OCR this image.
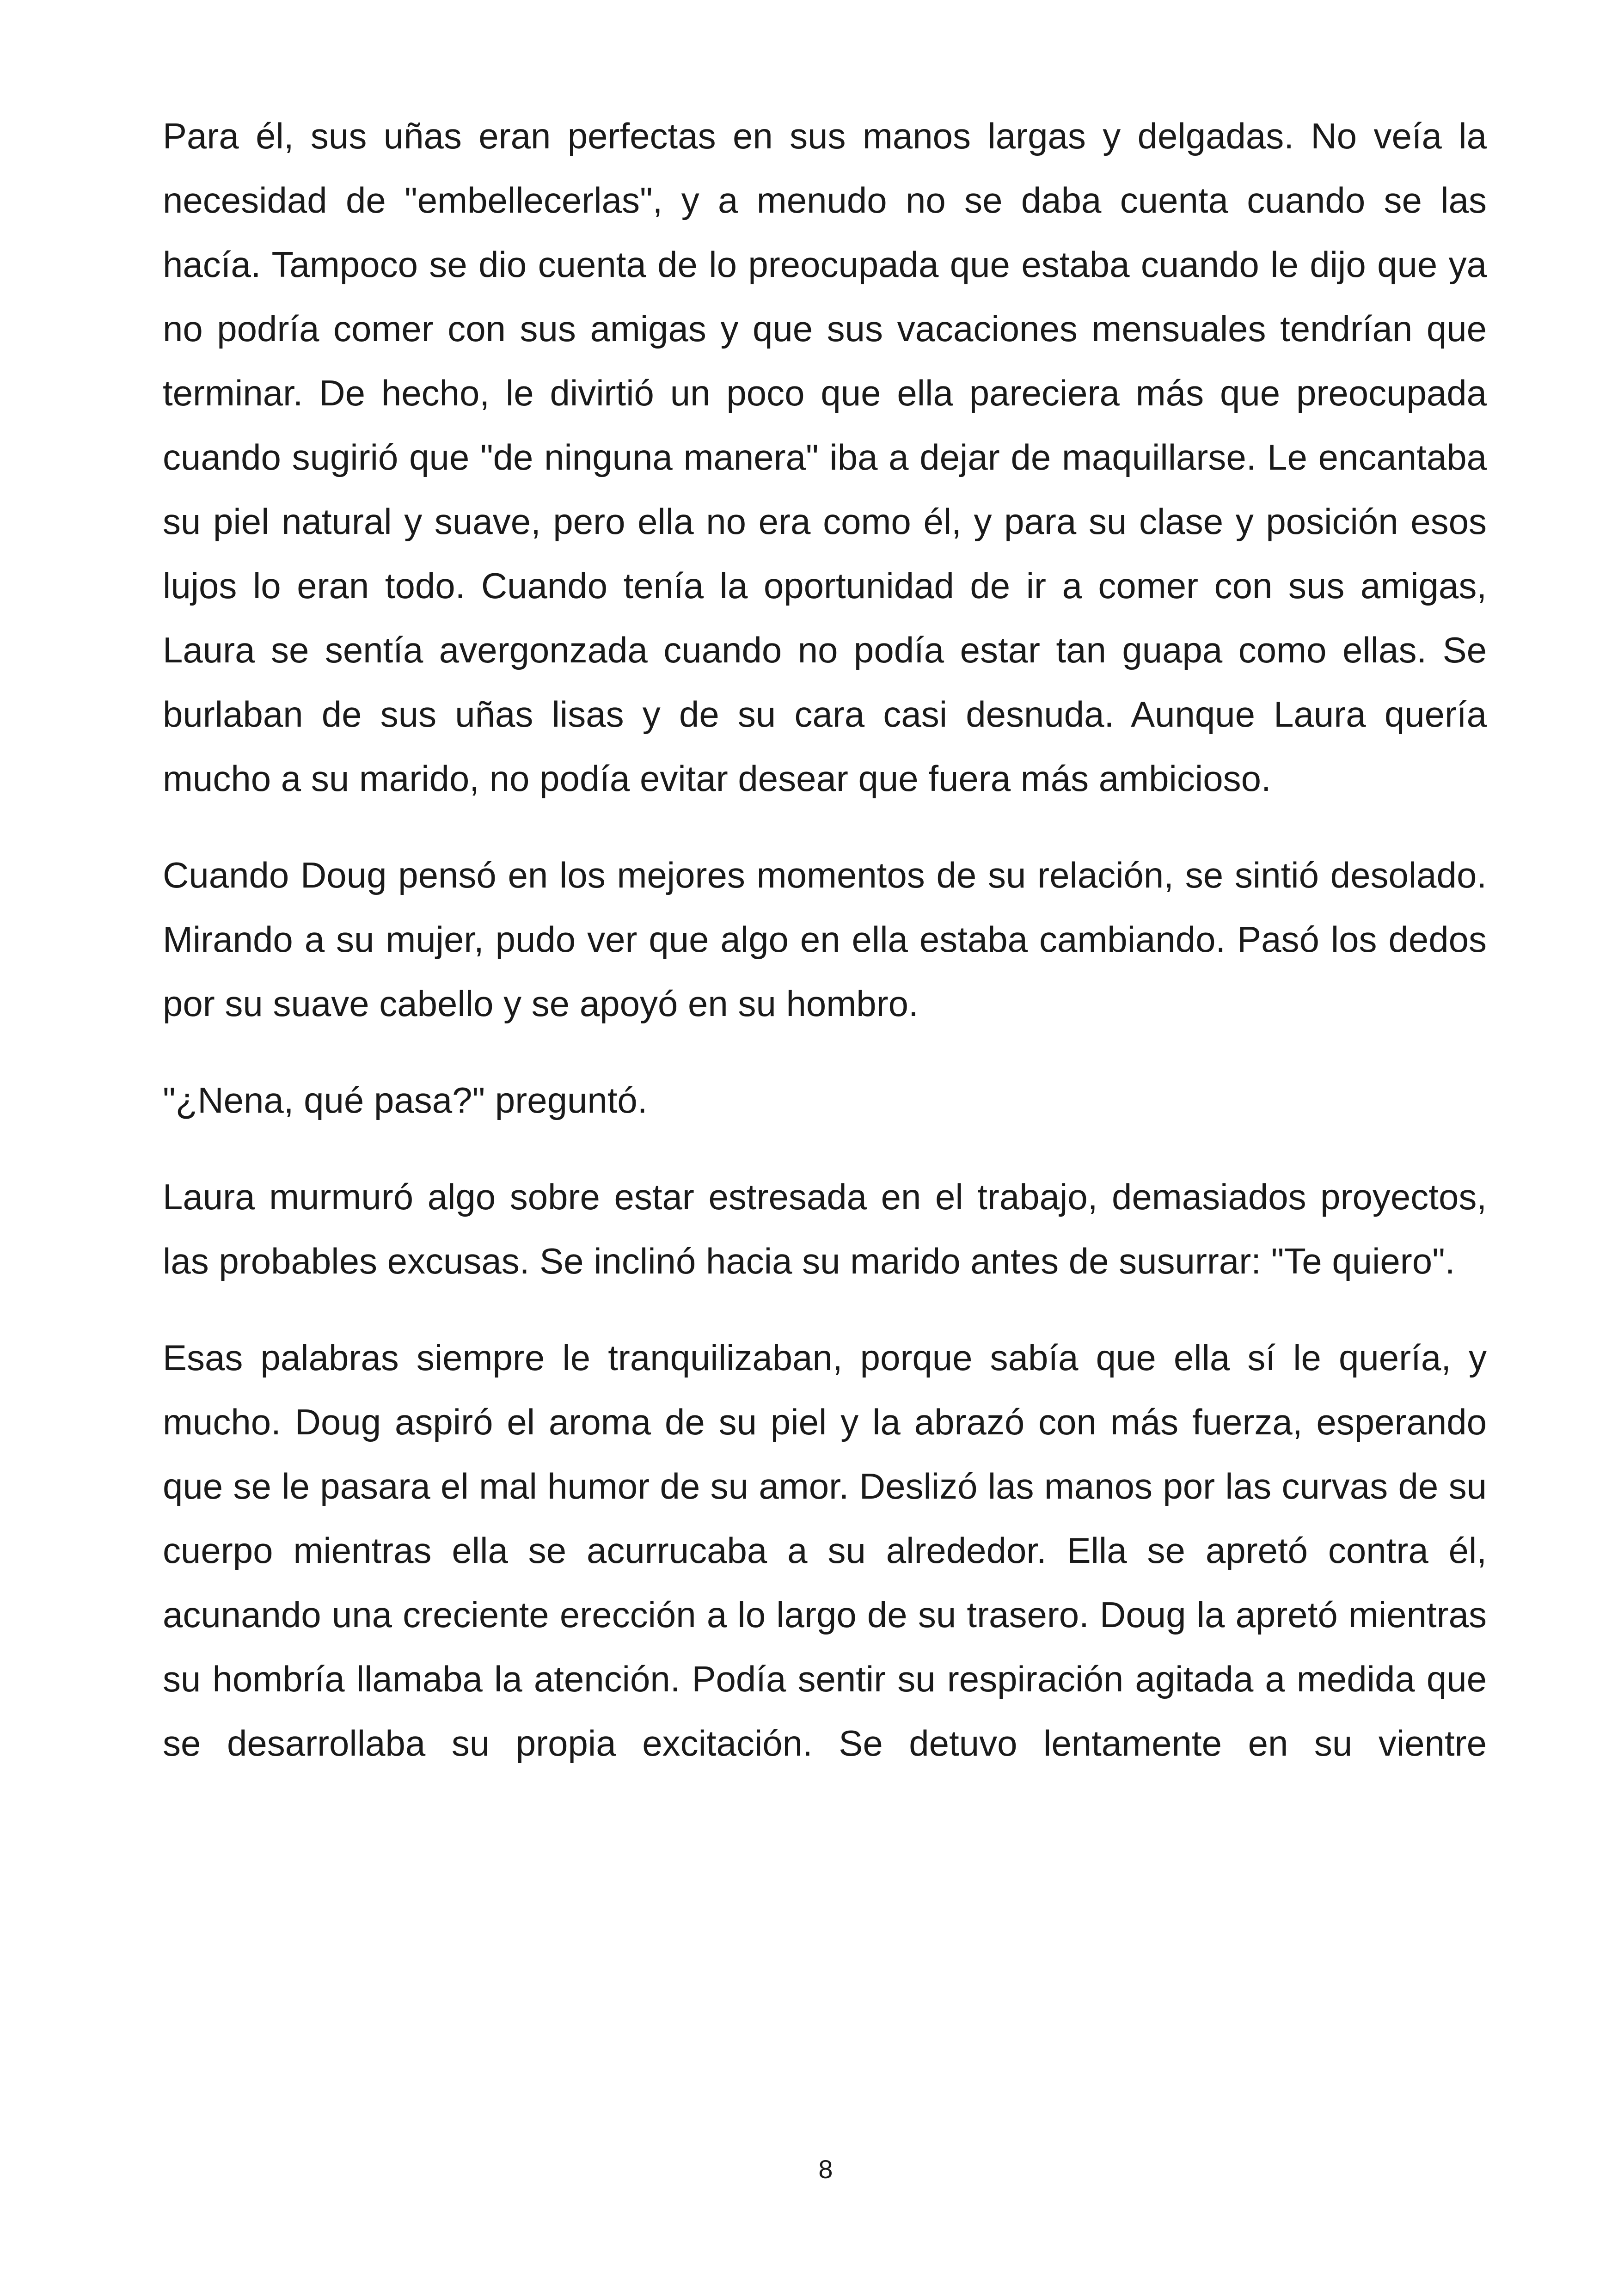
Para él, sus uñas eran perfectas en sus manos largas y delgadas. No veía la necesidad de "embellecerlas", y a menudo no se daba cuenta cuando se las hacía. Tampoco se dio cuenta de lo preocupada que estaba cuando le dijo que ya no podría comer con sus amigas y que sus vacaciones mensuales tendrían que terminar. De hecho, le divirtió un poco que ella pareciera más que preocupada cuando sugirió que "de ninguna manera" iba a dejar de maquillarse. Le encantaba su piel natural y suave, pero ella no era como él, y para su clase y posición esos lujos lo eran todo. Cuando tenía la oportunidad de ir a comer con sus amigas, Laura se sentía avergonzada cuando no podía estar tan guapa como ellas. Se burlaban de sus uñas lisas y de su cara casi desnuda. Aunque Laura quería mucho a su marido, no podía evitar desear que fuera más ambicioso.

Cuando Doug pensó en los mejores momentos de su relación, se sintió desolado. Mirando a su mujer, pudo ver que algo en ella estaba cambiando. Pasó los dedos por su suave cabello y se apoyó en su hombro.

"¿Nena, qué pasa?" preguntó.

Laura murmuró algo sobre estar estresada en el trabajo, demasiados proyectos, las probables excusas. Se inclinó hacia su marido antes de susurrar: "Te quiero".

Esas palabras siempre le tranquilizaban, porque sabía que ella sí le quería, y mucho. Doug aspiró el aroma de su piel y la abrazó con más fuerza, esperando que se le pasara el mal humor de su amor. Deslizó las manos por las curvas de su cuerpo mientras ella se acurrucaba a su alrededor. Ella se apretó contra él, acunando una creciente erección a lo largo de su trasero. Doug la apretó mientras su hombría llamaba la atención. Podía sentir su respiración agitada a medida que se desarrollaba su propia excitación. Se detuvo lentamente en su vientre

8
